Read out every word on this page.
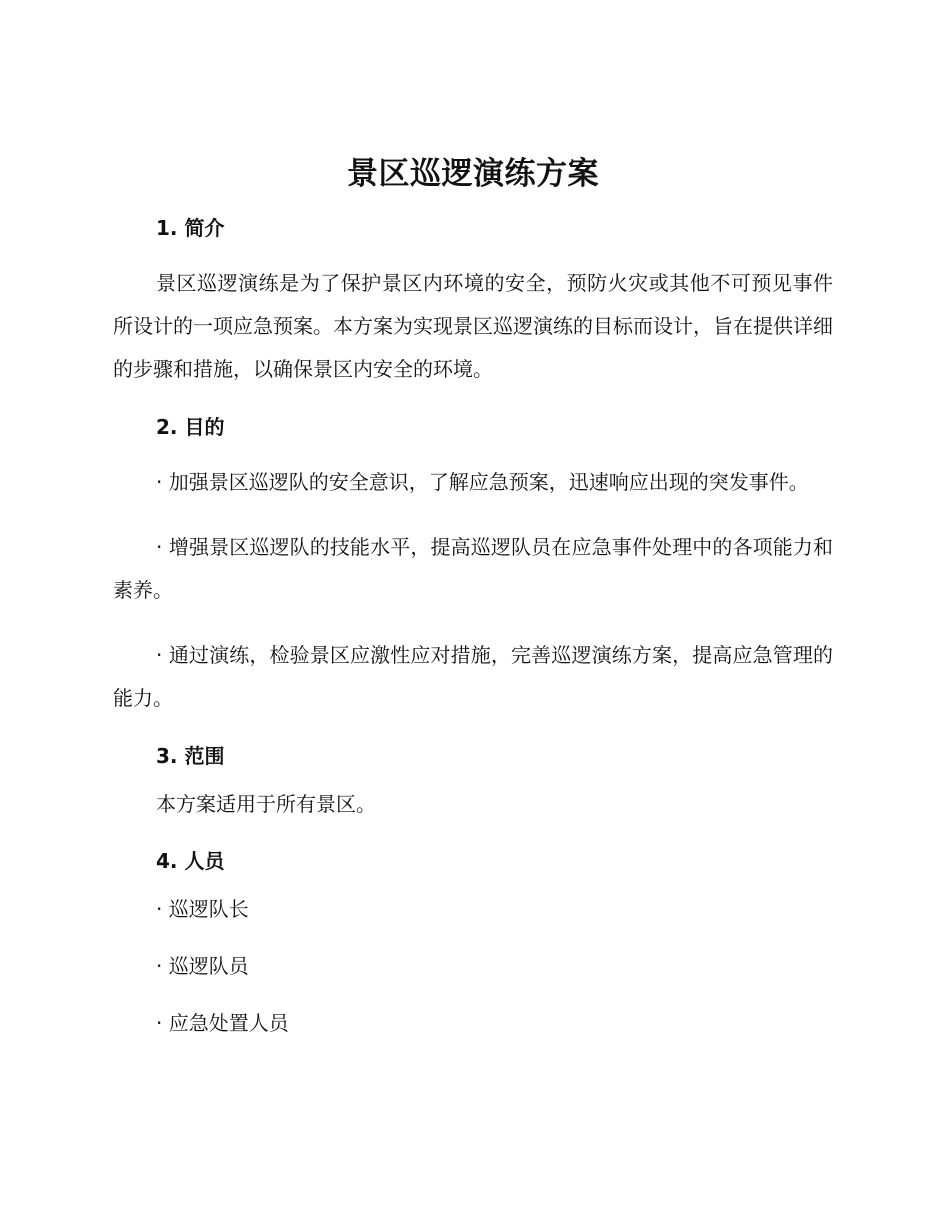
景区巡逻演练方案
1. 简介

景区巡逻演练是为了保护景区内环境的安全，预防火灾或其他不可预见事件所设计的一项应急预案。本方案为实现景区巡逻演练的目标而设计，旨在提供详细的步骤和措施，以确保景区内安全的环境。

2. 目的

· 加强景区巡逻队的安全意识，了解应急预案，迅速响应出现的突发事件。

· 增强景区巡逻队的技能水平，提高巡逻队员在应急事件处理中的各项能力和素养。

· 通过演练，检验景区应激性应对措施，完善巡逻演练方案，提高应急管理的能力。

3. 范围
本方案适用于所有景区。
4. 人员
· 巡逻队长
· 巡逻队员
· 应急处置人员
